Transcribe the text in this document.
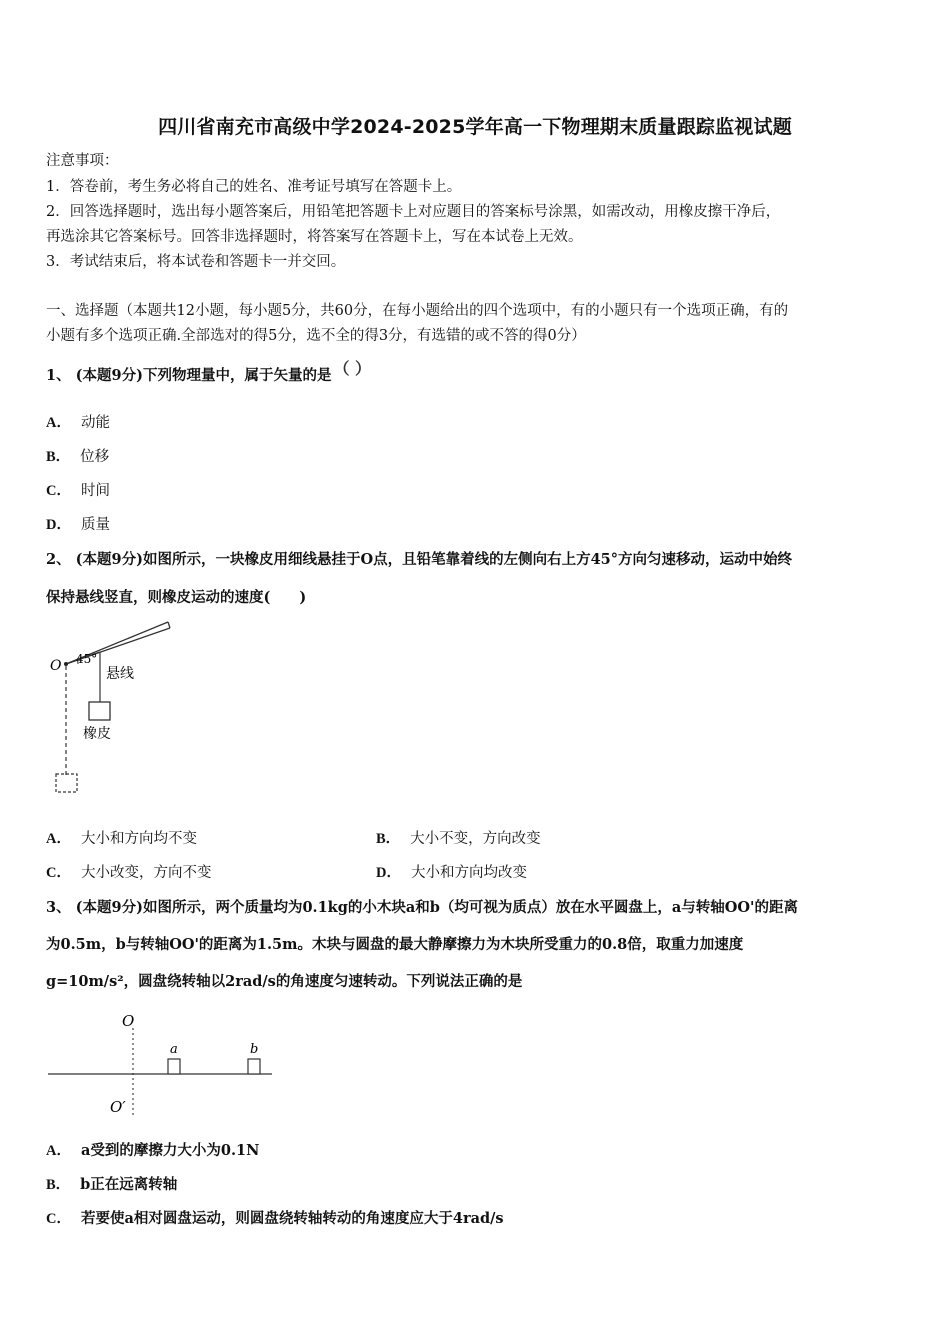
四川省南充市高级中学2024-2025学年高一下物理期末质量跟踪监视试题
注意事项：
1．答卷前，考生务必将自己的姓名、准考证号填写在答题卡上。
2．回答选择题时，选出每小题答案后，用铅笔把答题卡上对应题目的答案标号涂黑，如需改动，用橡皮擦干净后，
再选涂其它答案标号。回答非选择题时，将答案写在答题卡上，写在本试卷上无效。
3．考试结束后，将本试卷和答题卡一并交回。
一、选择题（本题共12小题，每小题5分，共60分，在每小题给出的四个选项中，有的小题只有一个选项正确，有的
小题有多个选项正确.全部选对的得5分，选不全的得3分，有选错的或不答的得0分）
1、 (本题9分)下列物理量中，属于矢量的是 （ ）
A． 动能
B． 位移
C． 时间
D． 质量
2、 (本题9分)如图所示，一块橡皮用细线悬挂于O点，且铅笔靠着线的左侧向右上方45°方向匀速移动，运动中始终
保持悬线竖直，则橡皮运动的速度(　　)
O 45°
悬线
橡皮
A． 大小和方向均不变	B． 大小不变，方向改变
C． 大小改变，方向不变	D． 大小和方向均改变
3、 (本题9分)如图所示，两个质量均为0.1kg的小木块a和b（均可视为质点）放在水平圆盘上，a与转轴OO'的距离
为0.5m，b与转轴OO'的距离为1.5m。木块与圆盘的最大静摩擦力为木块所受重力的0.8倍，取重力加速度
g=10m/s²，圆盘绕转轴以2rad/s的角速度匀速转动。下列说法正确的是
O
O′
a	b
A． a受到的摩擦力大小为0.1N
B． b正在远离转轴
C． 若要使a相对圆盘运动，则圆盘绕转轴转动的角速度应大于4rad/s
